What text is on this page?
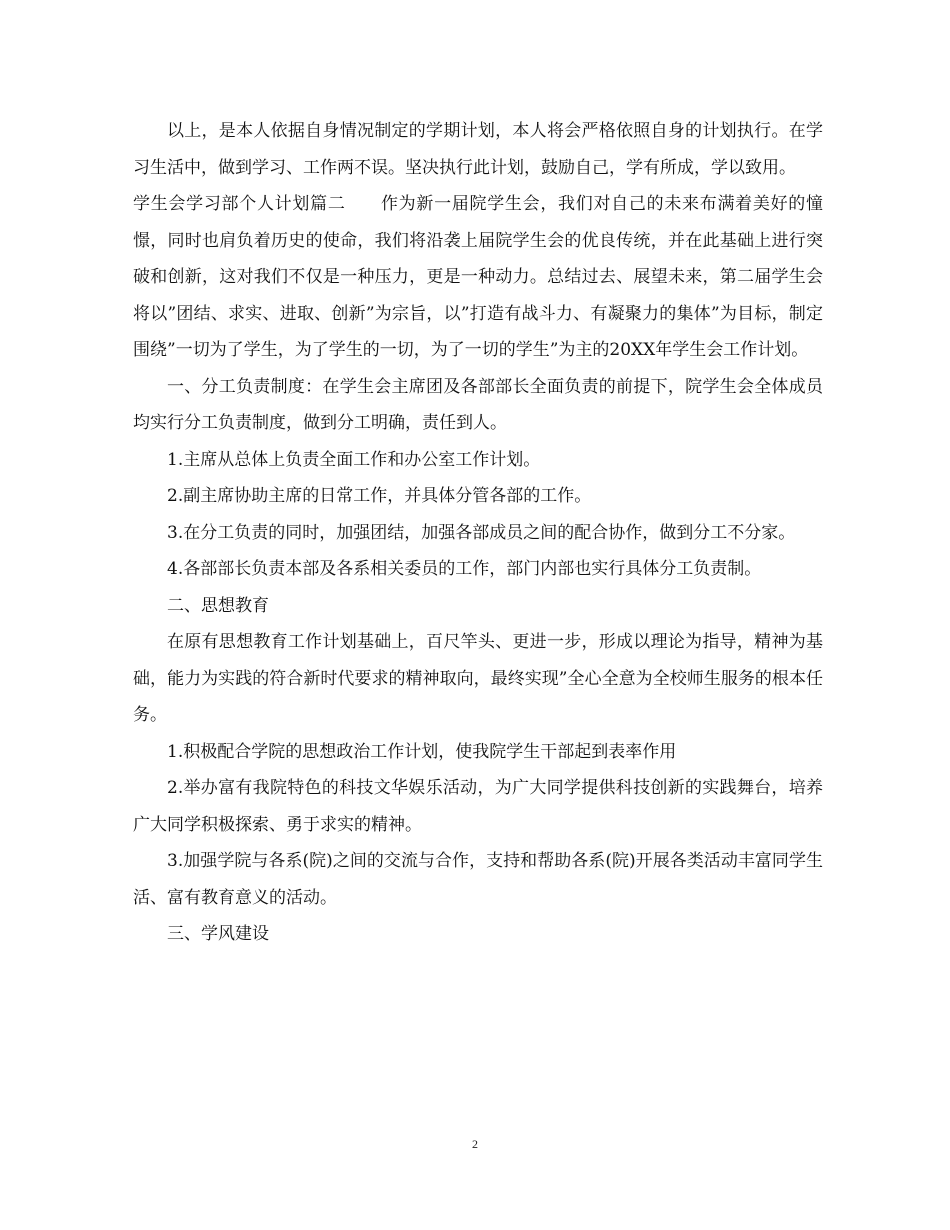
以上，是本人依据自身情况制定的学期计划，本人将会严格依照自身的计划执行。在学习生活中，做到学习、工作两不误。坚决执行此计划，鼓励自己，学有所成，学以致用。

学生会学习部个人计划篇二　　作为新一届院学生会，我们对自己的未来布满着美好的憧憬，同时也肩负着历史的使命，我们将沿袭上届院学生会的优良传统，并在此基础上进行突破和创新，这对我们不仅是一种压力，更是一种动力。总结过去、展望未来，第二届学生会将以”团结、求实、进取、创新”为宗旨，以”打造有战斗力、有凝聚力的集体”为目标，制定围绕”一切为了学生，为了学生的一切，为了一切的学生”为主的20XX年学生会工作计划。

一、分工负责制度：在学生会主席团及各部部长全面负责的前提下，院学生会全体成员均实行分工负责制度，做到分工明确，责任到人。

1.主席从总体上负责全面工作和办公室工作计划。

2.副主席协助主席的日常工作，并具体分管各部的工作。

3.在分工负责的同时，加强团结，加强各部成员之间的配合协作，做到分工不分家。

4.各部部长负责本部及各系相关委员的工作，部门内部也实行具体分工负责制。

二、思想教育

在原有思想教育工作计划基础上，百尺竿头、更进一步，形成以理论为指导，精神为基础，能力为实践的符合新时代要求的精神取向，最终实现”全心全意为全校师生服务的根本任务。

1.积极配合学院的思想政治工作计划，使我院学生干部起到表率作用

2.举办富有我院特色的科技文华娱乐活动，为广大同学提供科技创新的实践舞台，培养广大同学积极探索、勇于求实的精神。

3.加强学院与各系(院)之间的交流与合作，支持和帮助各系(院)开展各类活动丰富同学生活、富有教育意义的活动。

三、学风建设

2
